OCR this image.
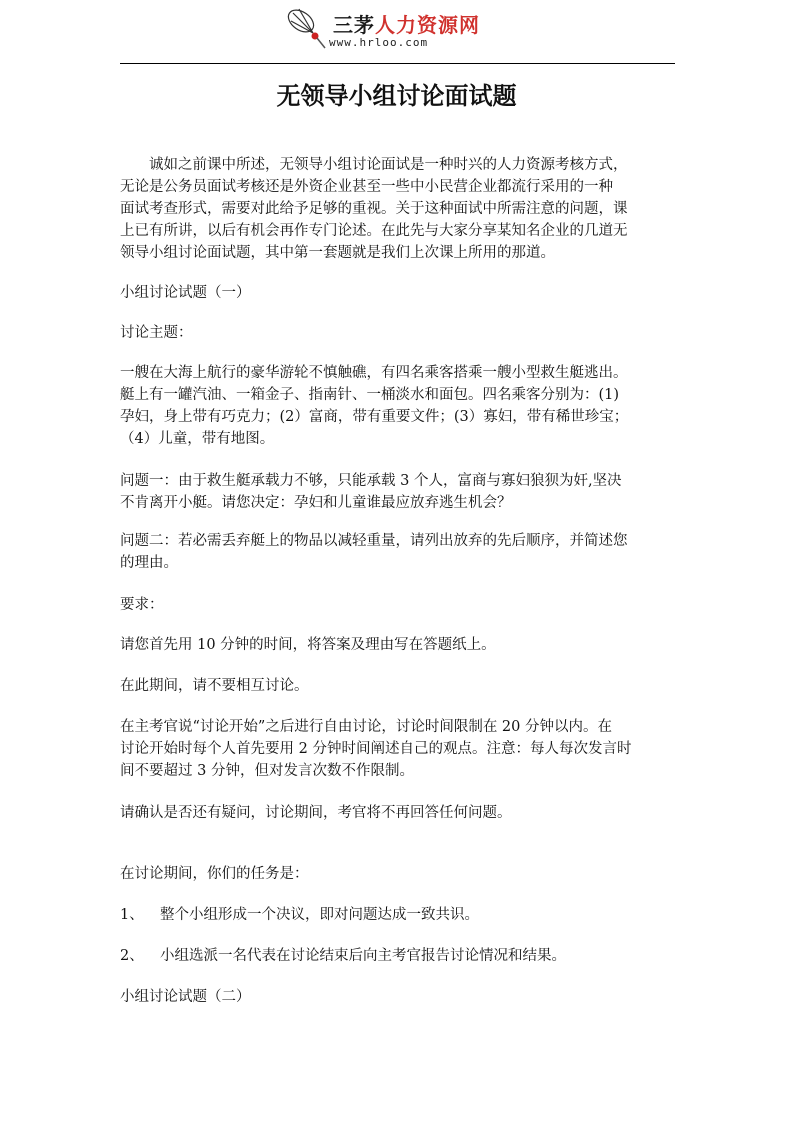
三茅人力资源网
www.hrloo.com
无领导小组讨论面试题
诚如之前课中所述，无领导小组讨论面试是一种时兴的人力资源考核方式，
无论是公务员面试考核还是外资企业甚至一些中小民营企业都流行采用的一种
面试考查形式，需要对此给予足够的重视。关于这种面试中所需注意的问题，课
上已有所讲，以后有机会再作专门论述。在此先与大家分享某知名企业的几道无
领导小组讨论面试题，其中第一套题就是我们上次课上所用的那道。
小组讨论试题（一）
讨论主题：
一艘在大海上航行的豪华游轮不慎触礁，有四名乘客搭乘一艘小型救生艇逃出。
艇上有一罐汽油、一箱金子、指南针、一桶淡水和面包。四名乘客分别为：(1)
孕妇，身上带有巧克力；(2）富商，带有重要文件；(3）寡妇，带有稀世珍宝；
（4）儿童，带有地图。
问题一：由于救生艇承载力不够，只能承载 3 个人，富商与寡妇狼狈为奸,坚决
不肯离开小艇。请您决定：孕妇和儿童谁最应放弃逃生机会？
问题二：若必需丢弃艇上的物品以减轻重量，请列出放弃的先后顺序，并简述您
的理由。
要求：
请您首先用 10 分钟的时间，将答案及理由写在答题纸上。
在此期间，请不要相互讨论。
在主考官说“讨论开始”之后进行自由讨论，讨论时间限制在 20 分钟以内。在
讨论开始时每个人首先要用 2 分钟时间阐述自己的观点。注意：每人每次发言时
间不要超过 3 分钟，但对发言次数不作限制。
请确认是否还有疑问，讨论期间，考官将不再回答任何问题。
在讨论期间，你们的任务是：
1、 整个小组形成一个决议，即对问题达成一致共识。
2、 小组选派一名代表在讨论结束后向主考官报告讨论情况和结果。
小组讨论试题（二）
